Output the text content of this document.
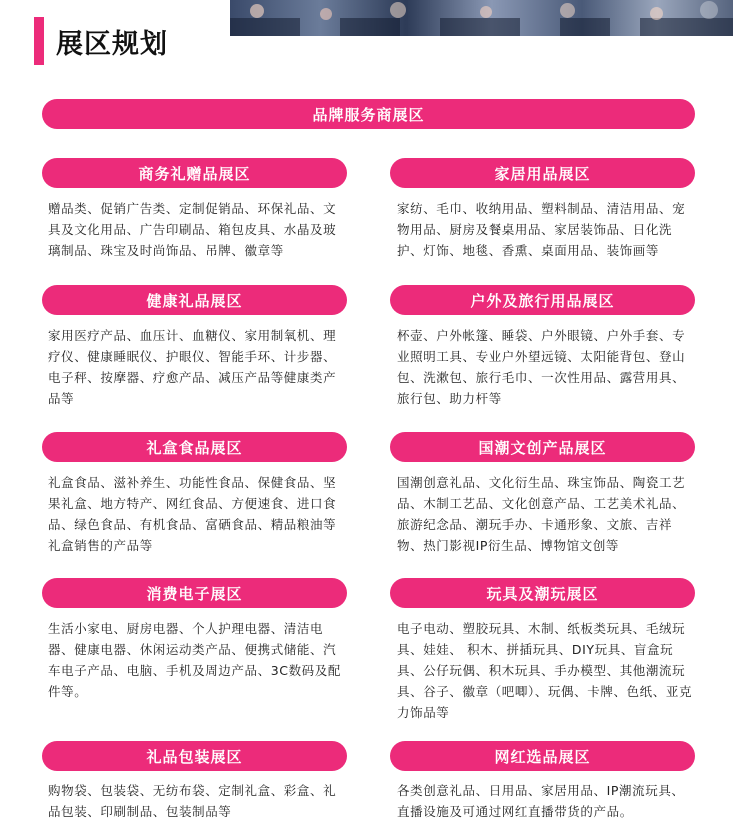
展区规划
品牌服务商展区
商务礼赠品展区
赠品类、促销广告类、定制促销品、环保礼品、文具及文化用品、广告印刷品、箱包皮具、水晶及玻璃制品、珠宝及时尚饰品、吊牌、徽章等
健康礼品展区
家用医疗产品、血压计、血糖仪、家用制氧机、理疗仪、健康睡眠仪、护眼仪、智能手环、计步器、电子秤、按摩器、疗愈产品、减压产品等健康类产品等
礼盒食品展区
礼盒食品、滋补养生、功能性食品、保健食品、坚果礼盒、地方特产、网红食品、方便速食、进口食品、绿色食品、有机食品、富硒食品、精品粮油等礼盒销售的产品等
消费电子展区
生活小家电、厨房电器、个人护理电器、清洁电器、健康电器、休闲运动类产品、便携式储能、汽车电子产品、电脑、手机及周边产品、3C数码及配件等。
礼品包装展区
购物袋、包装袋、无纺布袋、定制礼盒、彩盒、礼品包装、印刷制品、包装制品等
家居用品展区
家纺、毛巾、收纳用品、塑料制品、清洁用品、宠物用品、厨房及餐桌用品、家居装饰品、日化洗护、灯饰、地毯、香熏、桌面用品、装饰画等
户外及旅行用品展区
杯壶、户外帐篷、睡袋、户外眼镜、户外手套、专业照明工具、专业户外望远镜、太阳能背包、登山包、洗漱包、旅行毛巾、一次性用品、露营用具、旅行包、助力杆等
国潮文创产品展区
国潮创意礼品、文化衍生品、珠宝饰品、陶瓷工艺品、木制工艺品、文化创意产品、工艺美术礼品、旅游纪念品、潮玩手办、卡通形象、文旅、吉祥物、热门影视IP衍生品、博物馆文创等
玩具及潮玩展区
电子电动、塑胶玩具、木制、纸板类玩具、毛绒玩具、娃娃、 积木、拼插玩具、DIY玩具、盲盒玩具、公仔玩偶、积木玩具、手办模型、其他潮流玩具、谷子、徽章（吧唧）、玩偶、卡牌、色纸、亚克力饰品等
网红选品展区
各类创意礼品、日用品、家居用品、IP潮流玩具、直播设施及可通过网红直播带货的产品。
